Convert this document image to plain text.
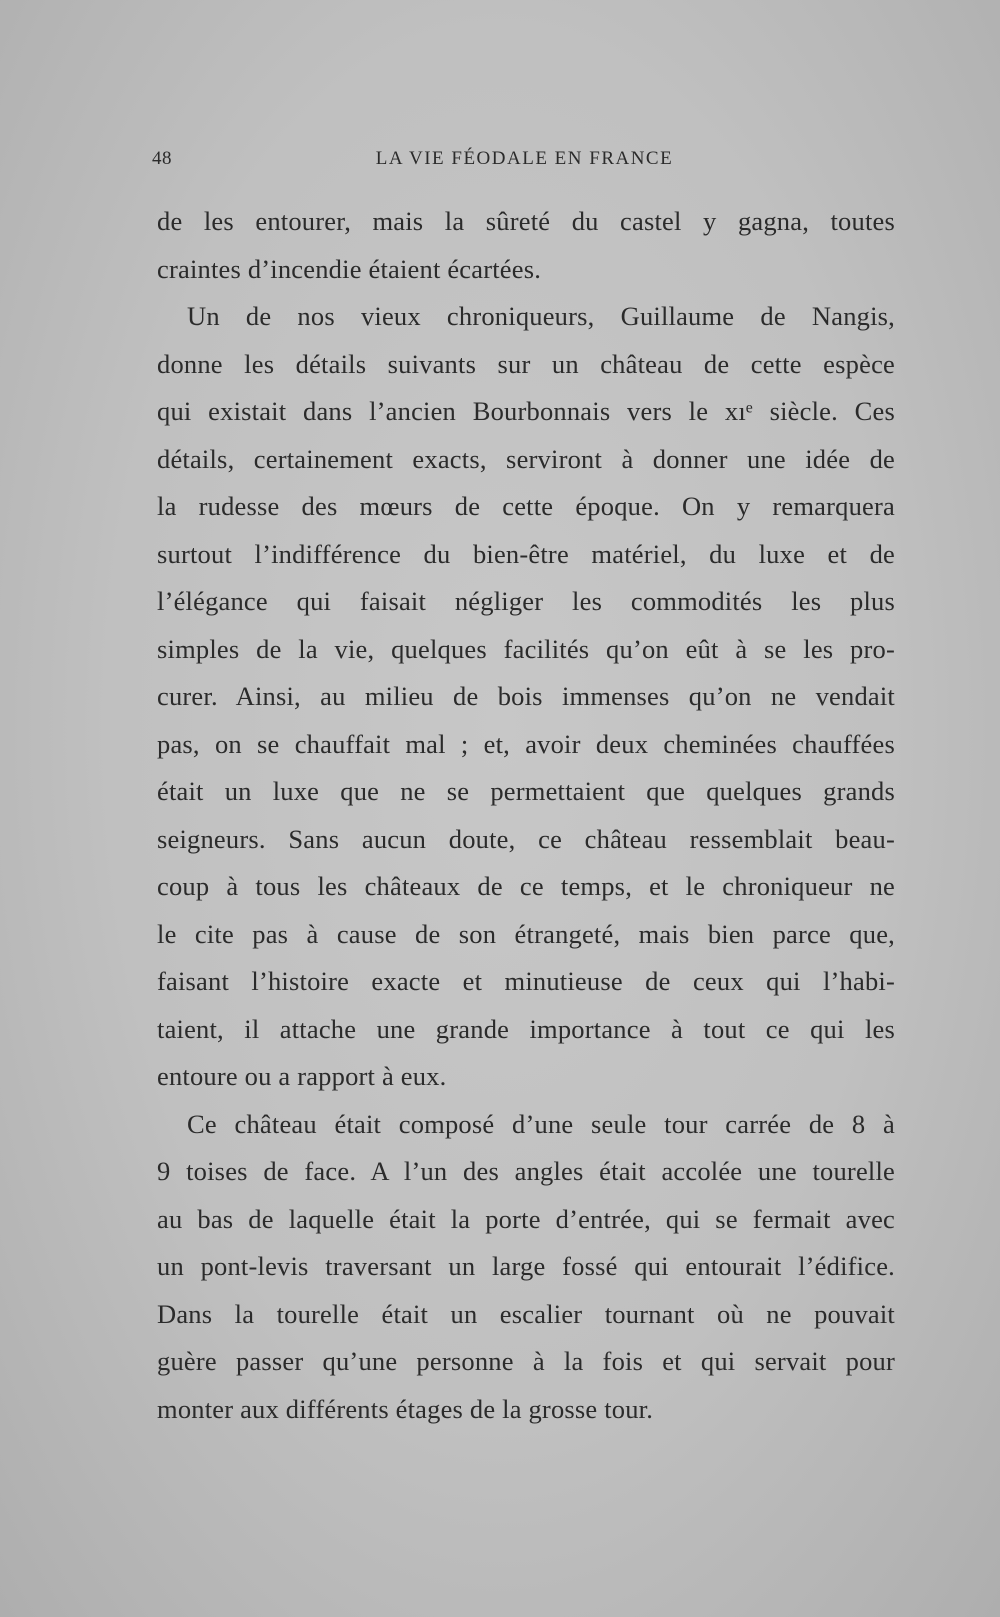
48	LA VIE FÉODALE EN FRANCE
de les entourer, mais la sûreté du castel y gagna, toutes
craintes d’incendie étaient écartées.
Un de nos vieux chroniqueurs, Guillaume de Nangis,
donne les détails suivants sur un château de cette espèce
qui existait dans l’ancien Bourbonnais vers le xıᵉ siècle. Ces
détails, certainement exacts, serviront à donner une idée de
la rudesse des mœurs de cette époque. On y remarquera
surtout l’indifférence du bien-être matériel, du luxe et de
l’élégance qui faisait négliger les commodités les plus
simples de la vie, quelques facilités qu’on eût à se les pro-
curer. Ainsi, au milieu de bois immenses qu’on ne vendait
pas, on se chauffait mal ; et, avoir deux cheminées chauffées
était un luxe que ne se permettaient que quelques grands
seigneurs. Sans aucun doute, ce château ressemblait beau-
coup à tous les châteaux de ce temps, et le chroniqueur ne
le cite pas à cause de son étrangeté, mais bien parce que,
faisant l’histoire exacte et minutieuse de ceux qui l’habi-
taient, il attache une grande importance à tout ce qui les
entoure ou a rapport à eux.
Ce château était composé d’une seule tour carrée de 8 à
9 toises de face. A l’un des angles était accolée une tourelle
au bas de laquelle était la porte d’entrée, qui se fermait avec
un pont-levis traversant un large fossé qui entourait l’édifice.
Dans la tourelle était un escalier tournant où ne pouvait
guère passer qu’une personne à la fois et qui servait pour
monter aux différents étages de la grosse tour.
